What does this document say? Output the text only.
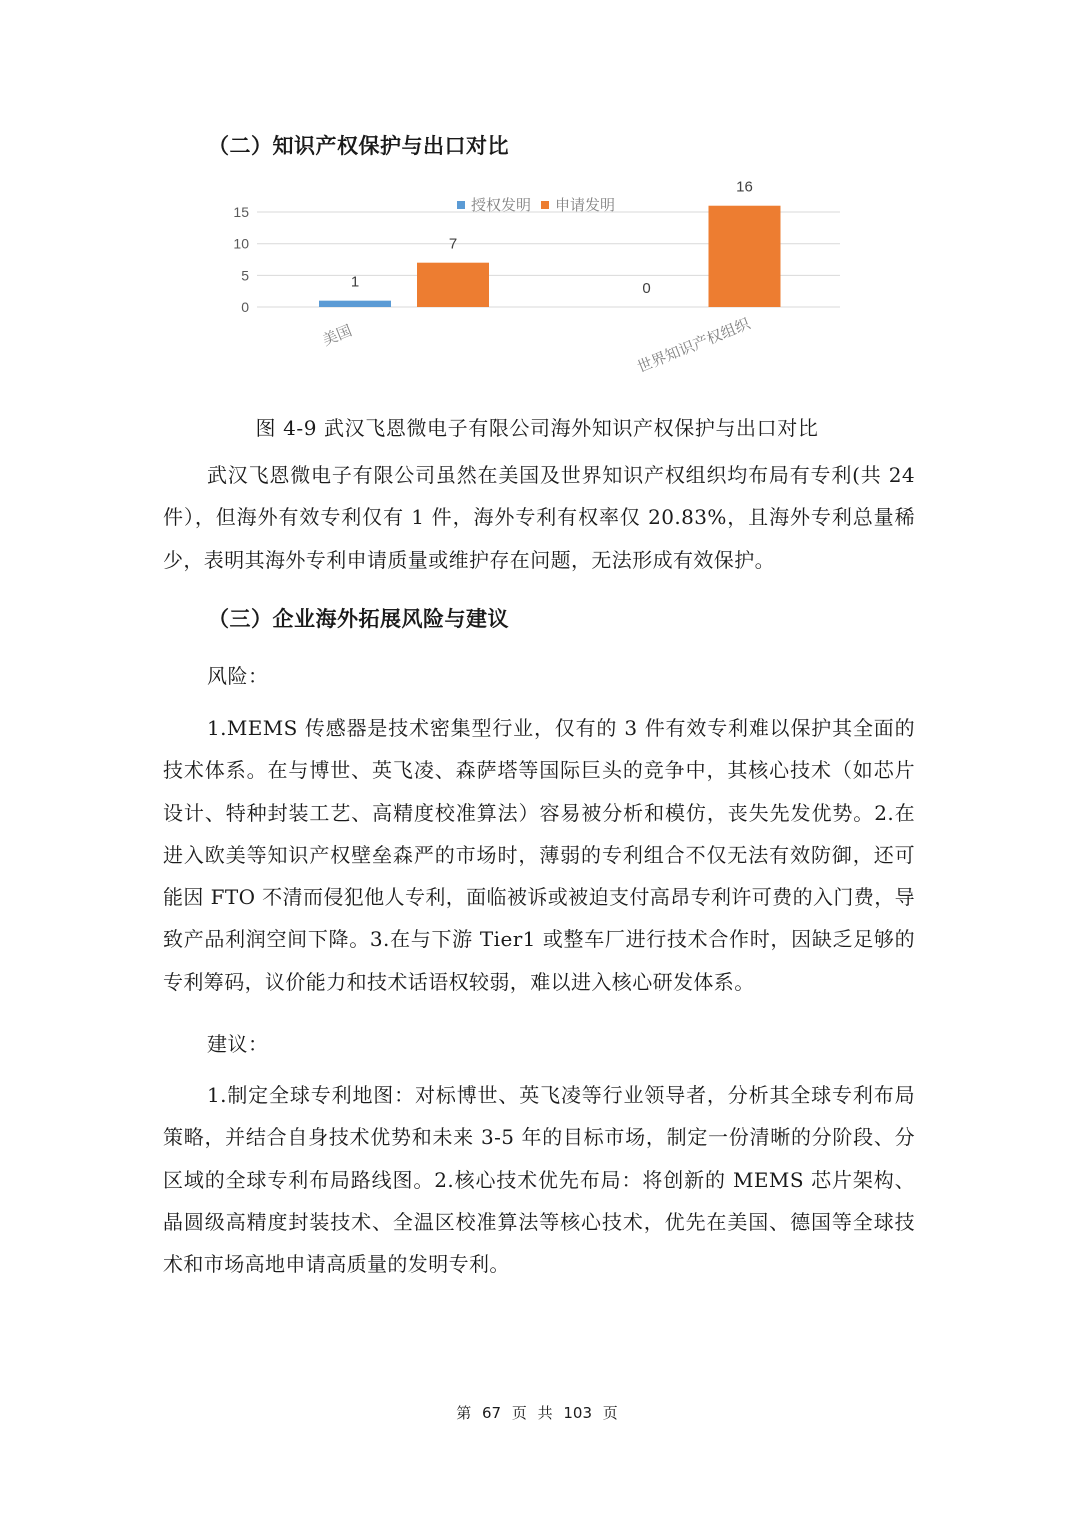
（二）知识产权保护与出口对比
0
5
10
15
1
7
0
16
美国	世界知识产权组织
授权发明 申请发明
图 4-9 武汉飞恩微电子有限公司海外知识产权保护与出口对比

武汉飞恩微电子有限公司虽然在美国及世界知识产权组织均布局有专利(共 24 件），但海外有效专利仅有 1 件，海外专利有权率仅 20.83%，且海外专利总量稀少，表明其海外专利申请质量或维护存在问题，无法形成有效保护。

（三）企业海外拓展风险与建议
风险：

1.MEMS 传感器是技术密集型行业，仅有的 3 件有效专利难以保护其全面的技术体系。在与博世、英飞凌、森萨塔等国际巨头的竞争中，其核心技术（如芯片设计、特种封装工艺、高精度校准算法）容易被分析和模仿，丧失先发优势。2.在进入欧美等知识产权壁垒森严的市场时，薄弱的专利组合不仅无法有效防御，还可能因 FTO 不清而侵犯他人专利，面临被诉或被迫支付高昂专利许可费的入门费，导致产品利润空间下降。3.在与下游 Tier1 或整车厂进行技术合作时，因缺乏足够的专利筹码，议价能力和技术话语权较弱，难以进入核心研发体系。

建议：

1.制定全球专利地图：对标博世、英飞凌等行业领导者，分析其全球专利布局策略，并结合自身技术优势和未来 3-5 年的目标市场，制定一份清晰的分阶段、分区域的全球专利布局路线图。2.核心技术优先布局：将创新的 MEMS 芯片架构、晶圆级高精度封装技术、全温区校准算法等核心技术，优先在美国、德国等全球技术和市场高地申请高质量的发明专利。

第 67 页 共 103 页
